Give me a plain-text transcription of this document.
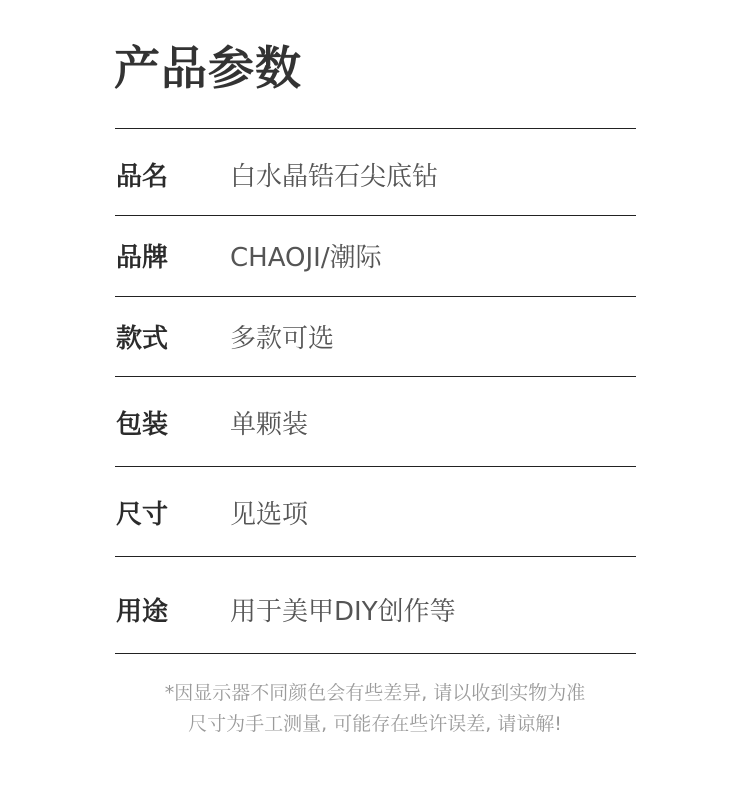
产品参数
品名 白水晶锆石尖底钻
品牌 CHAOJI/潮际
款式 多款可选
包装 单颗装
尺寸 见选项
用途 用于美甲DIY创作等
*因显示器不同颜色会有些差异, 请以收到实物为准
尺寸为手工测量, 可能存在些许误差, 请谅解!
